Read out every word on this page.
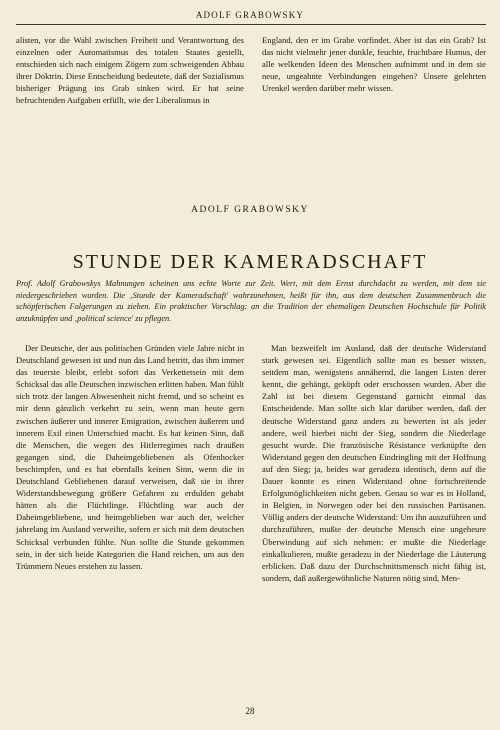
ADOLF GRABOWSKY

alisten, vor die Wahl zwischen Freiheit und Verantwortung des einzelnen oder Automatismus des totalen Staates gestellt, entschieden sich nach einigem Zögern zum schweigenden Abbau ihrer Doktrin. Diese Entscheidung bedeutete, daß der Sozialismus bisheriger Prägung ins Grab sinken wird. Er hat seine befruchtenden Aufgaben erfüllt, wie der Liberalismus in

England, den er im Grabe vorfindet. Aber ist das ein Grab? Ist das nicht vielmehr jener dunkle, feuchte, fruchtbare Humus, der alle welkenden Ideen des Menschen aufnimmt und in dem sie neue, ungeahnte Verbindungen eingehen? Unsere gelehrten Urenkel werden darüber mehr wissen.

ADOLF GRABOWSKY
STUNDE DER KAMERADSCHAFT
Prof. Adolf Grabowskys Mahnungen scheinen uns echte Worte zur Zeit. Wert, mit dem Ernst durchdacht zu werden, mit dem sie niedergeschrieben wurden. Die ‚Stunde der Kameradschaft' wahrzunehmen, heißt für ihn, aus dem deutschen Zusammenbruch die schöpferischen Folgerungen zu ziehen. Ein praktischer Vorschlag: an die Tradition der ehemaligen Deutschen Hochschule für Politik anzuknüpfen und ‚political science' zu pflegen.

Der Deutsche, der aus politischen Gründen viele Jahre nicht in Deutschland gewesen ist und nun das Land betritt, das ihm immer das teuerste bleibt, erlebt sofort das Verkettetsein mit dem Schicksal das alle Deutschen inzwischen erlitten haben. Man fühlt sich trotz der langen Abwesenheit nicht fremd, und so scheint es mir denn gänzlich verkehrt zu sein, wenn man heute gern zwischen äußerer und innerer Emigration, zwischen äußerem und innerem Exil einen Unterschied macht. Es hat keinen Sinn, daß die Menschen, die wegen des Hitlerregimes nach draußen gegangen sind, die Daheimgebliebenen als Ofenhocker beschimpfen, und es hat ebenfalls keinen Sinn, wenn die in Deutschland Gebliebenen darauf verweisen, daß sie in ihrer Widerstandsbewegung größere Gefahren zu erdulden gehabt hätten als die Flüchtlinge. Flüchtling war auch der Daheimgebliebene, und heimgeblieben war auch der, welcher jahrelang im Ausland verweilte, sofern er sich mit dem deutschen Schicksal verbunden fühlte. Nun sollte die Stunde gekommen sein, in der sich beide Kategorien die Hand reichen, um aus den Trümmern Neues erstehen zu lassen.

Man bezweifelt im Ausland, daß der deutsche Widerstand stark gewesen sei. Eigentlich sollte man es besser wissen, seitdem man, wenigstens annähernd, die langen Listen derer kennt, die gehängt, geköpft oder erschossen wurden. Aber die Zahl ist bei diesem Gegenstand garnicht einmal das Entscheidende. Man sollte sich klar darüber werden, daß der deutsche Widerstand ganz anders zu bewerten ist als jeder andere, weil hierbei nicht der Sieg, sondern die Niederlage gesucht wurde. Die französische Résistance verknüpfte den Widerstand gegen den deutschen Eindringling mit der Hoffnung auf den Sieg; ja, beides war geradezu identisch, denn auf die Dauer konnte es einen Widerstand ohne fortschreitende Erfolgsmöglichkeiten nicht geben. Genau so war es in Holland, in Belgien, in Norwegen oder bei den russischen Partisanen. Völlig anders der deutsche Widerstand: Um ihn auszuführen und durchzuführen, mußte der deutsche Mensch eine ungeheure Überwindung auf sich nehmen: er mußte die Niederlage einkalkulieren, mußte geradezu in der Niederlage die Läuterung erblicken. Daß dazu der Durchschnittsmensch nicht fähig ist, sondern, daß außergewöhnliche Naturen nötig sind, Men-

28
